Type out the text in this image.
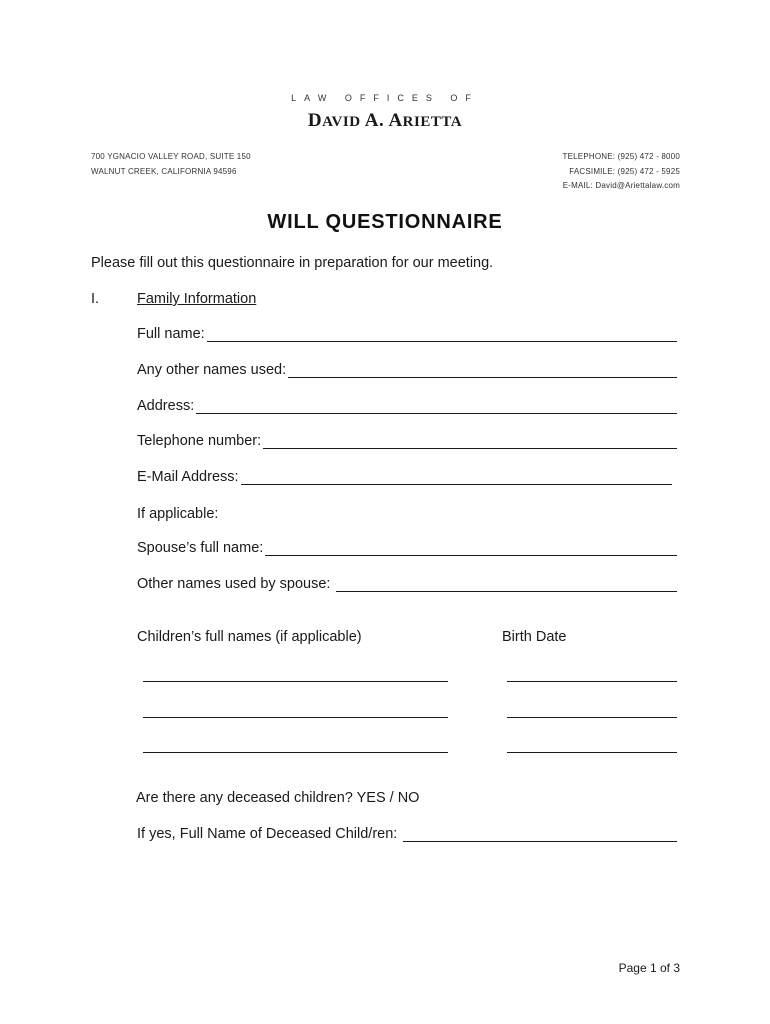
LAW OFFICES OF
DAVID A. ARIETTA
700 YGNACIO VALLEY ROAD, SUITE 150
WALNUT CREEK, CALIFORNIA 94596
TELEPHONE: (925) 472 - 8000
FACSIMILE: (925) 472 - 5925
E-MAIL: David@Ariettalaw.com
WILL QUESTIONNAIRE
Please fill out this questionnaire in preparation for our meeting.
I.	Family Information
Full name:
Any other names used:
Address:
Telephone number:
E-Mail Address:
If applicable:
Spouse’s full name:
Other names used by spouse:
Children’s full names (if applicable)	Birth Date
Are there any deceased children? YES / NO
If yes, Full Name of Deceased Child/ren:
Page 1 of 3
